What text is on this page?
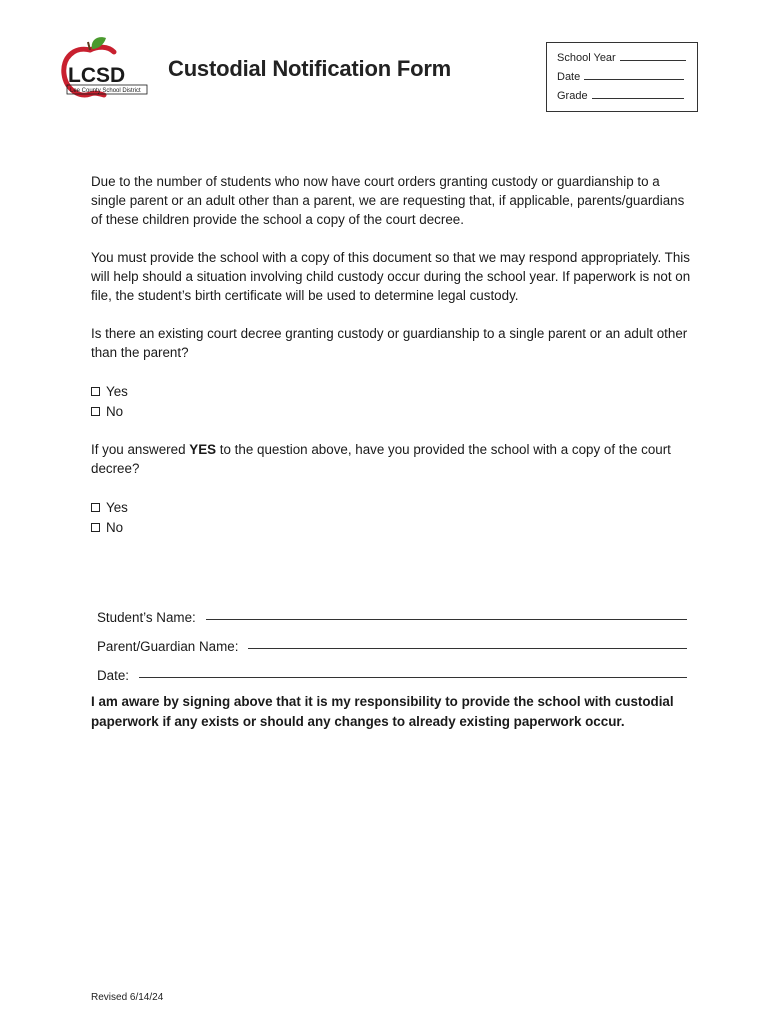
LCSD
Lee County School District
Custodial Notification Form	School Year
Date
Grade

Due to the number of students who now have court orders granting custody or guardianship to a single parent or an adult other than a parent, we are requesting that, if applicable, parents/guardians of these children provide the school a copy of the court decree.

You must provide the school with a copy of this document so that we may respond appropriately. This will help should a situation involving child custody occur during the school year. If paperwork is not on file, the student’s birth certificate will be used to determine legal custody.

Is there an existing court decree granting custody or guardianship to a single parent or an adult other than the parent?

Yes
No

If you answered YES to the question above, have you provided the school with a copy of the court decree?

Yes
No
Student’s Name:
Parent/Guardian Name:
Date:
I am aware by signing above that it is my responsibility to provide the school with custodial paperwork if any exists or should any changes to already existing paperwork occur.
Revised 6/14/24
